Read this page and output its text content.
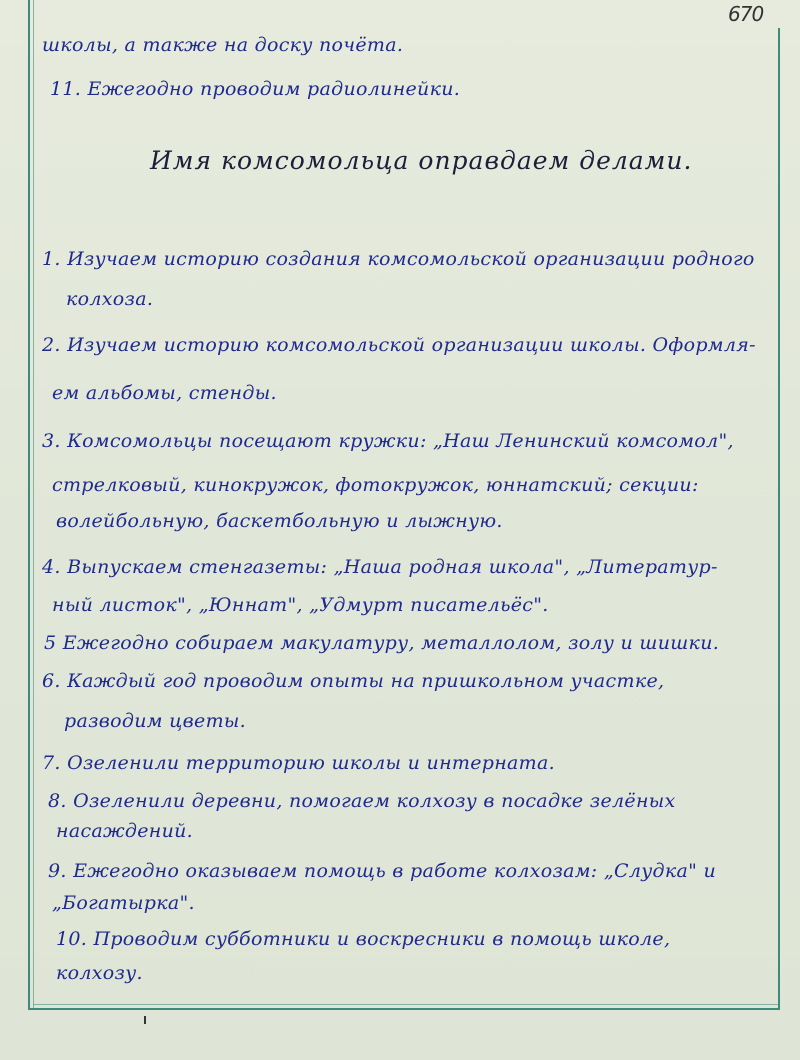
670
школы, а также на доску почёта.
11. Ежегодно проводим радиолинейки.
Имя комсомольца оправдаем делами.
1. Изучаем историю создания комсомольской организации родного
колхоза.
2. Изучаем историю комсомольской организации школы. Оформля-
ем альбомы, стенды.
3. Комсомольцы посещают кружки: „Наш Ленинский комсомол",
стрелковый, кинокружок, фотокружок, юннатский; секции:
волейбольную, баскетбольную и лыжную.
4. Выпускаем стенгазеты: „Наша родная школа", „Литератур-
ный листок", „Юннат", „Удмурт писательёс".
5 Ежегодно собираем макулатуру, металлолом, золу и шишки.
6. Каждый год проводим опыты на пришкольном участке,
разводим цветы.
7. Озеленили территорию школы и интерната.
8. Озеленили деревни, помогаем колхозу в посадке зелёных
насаждений.
9. Ежегодно оказываем помощь в работе колхозам: „Слудка" и
„Богатырка".
10. Проводим субботники и воскресники в помощь школе,
колхозу.
